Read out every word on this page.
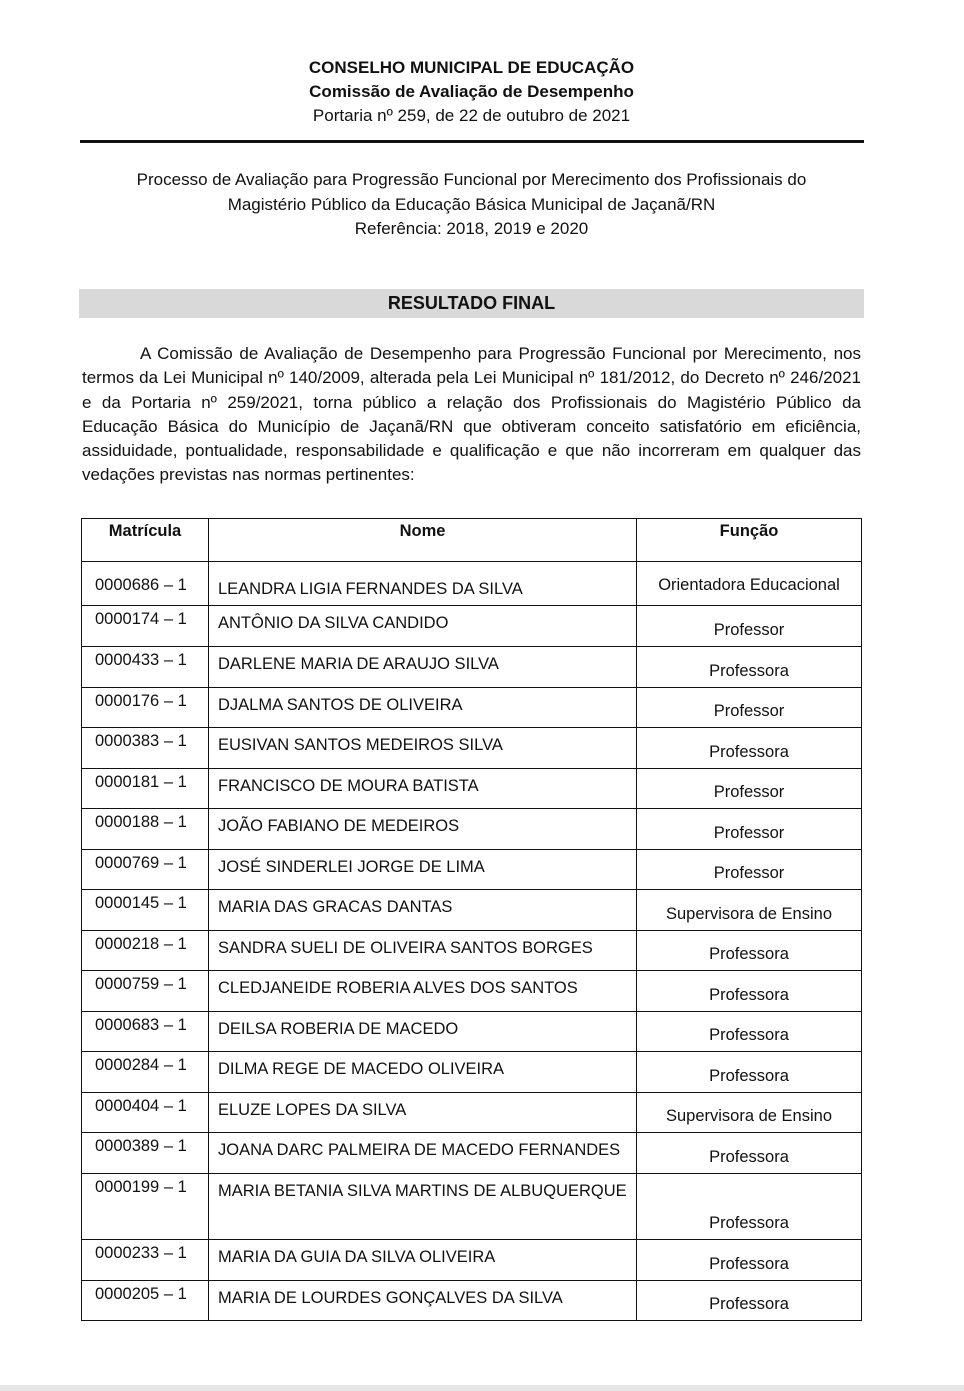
CONSELHO MUNICIPAL DE EDUCAÇÃO
Comissão de Avaliação de Desempenho
Portaria nº 259, de 22 de outubro de 2021
Processo de Avaliação para Progressão Funcional por Merecimento dos Profissionais do
Magistério Público da Educação Básica Municipal de Jaçanã/RN
Referência: 2018, 2019 e 2020
RESULTADO FINAL
A Comissão de Avaliação de Desempenho para Progressão Funcional por Merecimento, nos termos da Lei Municipal nº 140/2009, alterada pela Lei Municipal nº 181/2012, do Decreto nº 246/2021 e da Portaria nº 259/2021, torna público a relação dos Profissionais do Magistério Público da Educação Básica do Município de Jaçanã/RN que obtiveram conceito satisfatório em eficiência, assiduidade, pontualidade, responsabilidade e qualificação e que não incorreram em qualquer das vedações previstas nas normas pertinentes:
Matrícula	Nome	Função
0000686 – 1	LEANDRA LIGIA FERNANDES DA SILVA	Orientadora Educacional
0000174 – 1	ANTÔNIO DA SILVA CANDIDO	Professor
0000433 – 1	DARLENE MARIA DE ARAUJO SILVA	Professora
0000176 – 1	DJALMA SANTOS DE OLIVEIRA	Professor
0000383 – 1	EUSIVAN SANTOS MEDEIROS SILVA	Professora
0000181 – 1	FRANCISCO DE MOURA BATISTA	Professor
0000188 – 1	JOÃO FABIANO DE MEDEIROS	Professor
0000769 – 1	JOSÉ SINDERLEI JORGE DE LIMA	Professor
0000145 – 1	MARIA DAS GRACAS DANTAS	Supervisora de Ensino
0000218 – 1	SANDRA SUELI DE OLIVEIRA SANTOS BORGES	Professora
0000759 – 1	CLEDJANEIDE ROBERIA ALVES DOS SANTOS	Professora
0000683 – 1	DEILSA ROBERIA DE MACEDO	Professora
0000284 – 1	DILMA REGE DE MACEDO OLIVEIRA	Professora
0000404 – 1	ELUZE LOPES DA SILVA	Supervisora de Ensino
0000389 – 1	JOANA DARC PALMEIRA DE MACEDO FERNANDES	Professora
0000199 – 1	MARIA BETANIA SILVA MARTINS DE ALBUQUERQUE	Professora
0000233 – 1	MARIA DA GUIA DA SILVA OLIVEIRA	Professora
0000205 – 1	MARIA DE LOURDES GONÇALVES DA SILVA	Professora
